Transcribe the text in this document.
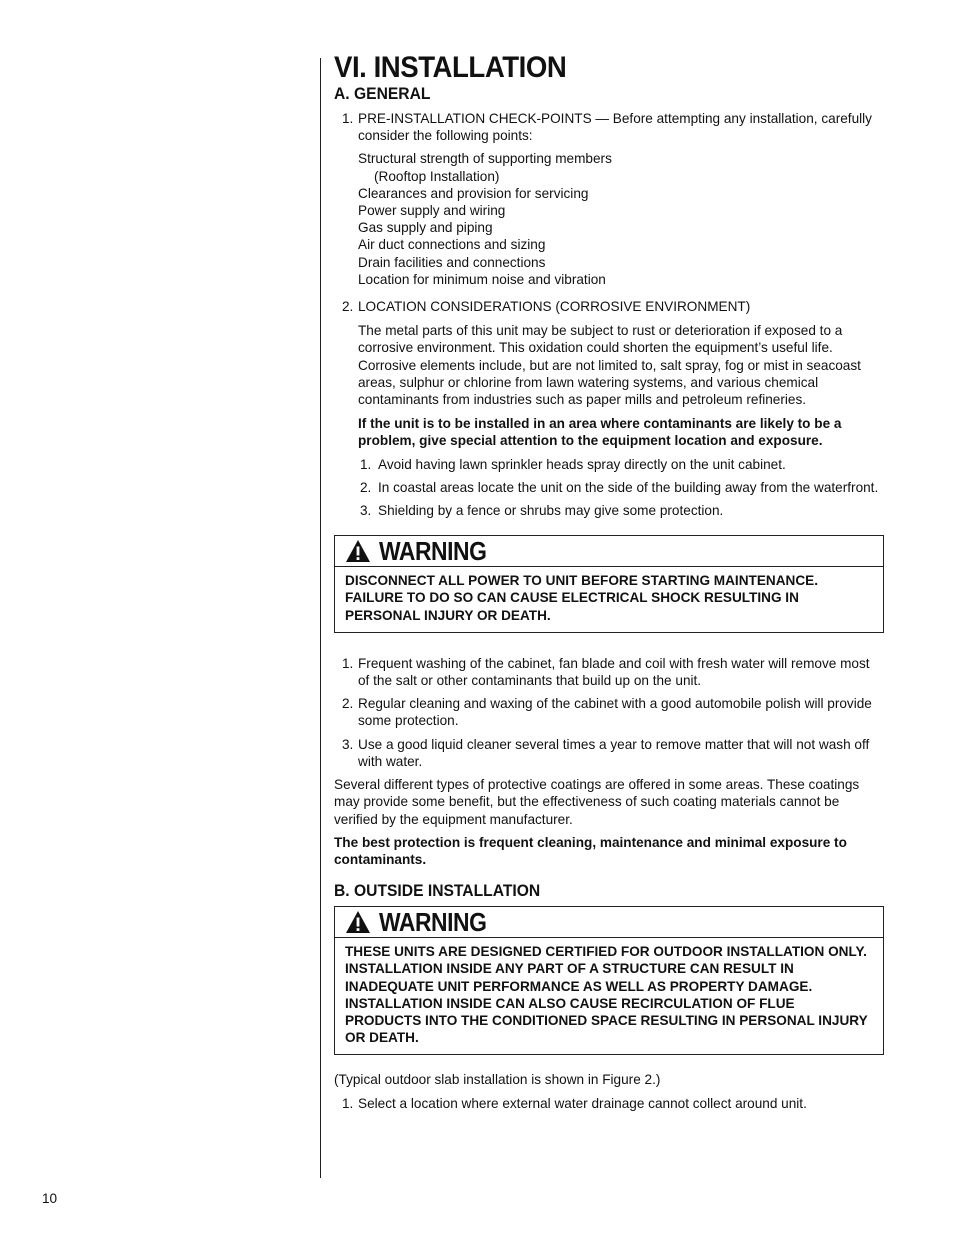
VI. INSTALLATION
A. GENERAL
1. PRE-INSTALLATION CHECK-POINTS — Before attempting any installation, carefully consider the following points:
Structural strength of supporting members
(Rooftop Installation)
Clearances and provision for servicing
Power supply and wiring
Gas supply and piping
Air duct connections and sizing
Drain facilities and connections
Location for minimum noise and vibration
2. LOCATION CONSIDERATIONS (CORROSIVE ENVIRONMENT)

The metal parts of this unit may be subject to rust or deterioration if exposed to a corrosive environment. This oxidation could shorten the equipment’s useful life. Corrosive elements include, but are not limited to, salt spray, fog or mist in seacoast areas, sulphur or chlorine from lawn watering systems, and various chemical contaminants from industries such as paper mills and petroleum refineries.

If the unit is to be installed in an area where contaminants are likely to be a problem, give special attention to the equipment location and exposure.

1. Avoid having lawn sprinkler heads spray directly on the unit cabinet.
2. In coastal areas locate the unit on the side of the building away from the waterfront.
3. Shielding by a fence or shrubs may give some protection.
WARNING
DISCONNECT ALL POWER TO UNIT BEFORE STARTING MAINTENANCE. FAILURE TO DO SO CAN CAUSE ELECTRICAL SHOCK RESULTING IN PERSONAL INJURY OR DEATH.
1. Frequent washing of the cabinet, fan blade and coil with fresh water will remove most of the salt or other contaminants that build up on the unit.
2. Regular cleaning and waxing of the cabinet with a good automobile polish will provide some protection.
3. Use a good liquid cleaner several times a year to remove matter that will not wash off with water.

Several different types of protective coatings are offered in some areas. These coatings may provide some benefit, but the effectiveness of such coating materials cannot be verified by the equipment manufacturer.

The best protection is frequent cleaning, maintenance and minimal exposure to contaminants.

B. OUTSIDE INSTALLATION
WARNING
THESE UNITS ARE DESIGNED CERTIFIED FOR OUTDOOR INSTALLATION ONLY. INSTALLATION INSIDE ANY PART OF A STRUCTURE CAN RESULT IN INADEQUATE UNIT PERFORMANCE AS WELL AS PROPERTY DAMAGE. INSTALLATION INSIDE CAN ALSO CAUSE RECIRCULATION OF FLUE PRODUCTS INTO THE CONDITIONED SPACE RESULTING IN PERSONAL INJURY OR DEATH.

(Typical outdoor slab installation is shown in Figure 2.)

1. Select a location where external water drainage cannot collect around unit.
10
